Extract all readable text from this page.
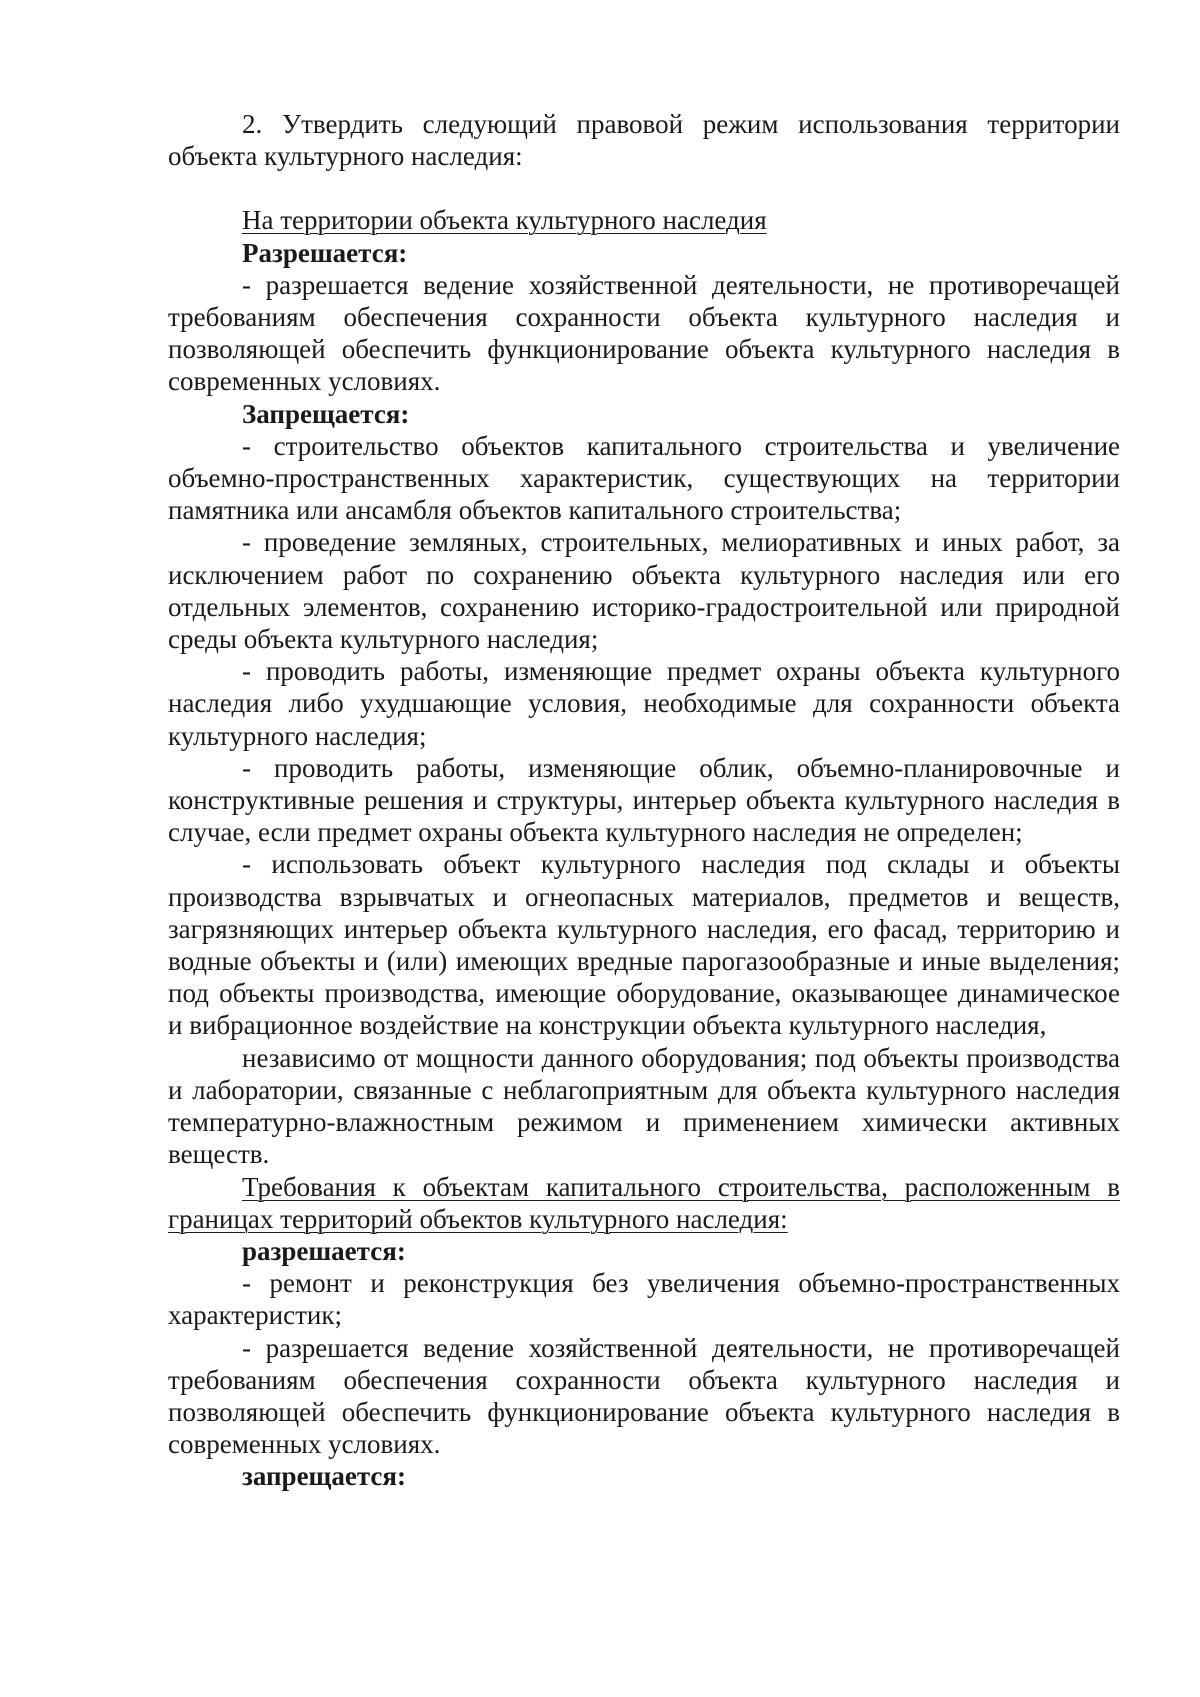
2. Утвердить следующий правовой режим использования территории объекта культурного наследия:

На территории объекта культурного наследия

Разрешается:

- разрешается ведение хозяйственной деятельности, не противоречащей требованиям обеспечения сохранности объекта культурного наследия и позволяющей обеспечить функционирование объекта культурного наследия в современных условиях.

Запрещается:

- строительство объектов капитального строительства и увеличение объемно-пространственных характеристик, существующих на территории памятника или ансамбля объектов капитального строительства;

- проведение земляных, строительных, мелиоративных и иных работ, за исключением работ по сохранению объекта культурного наследия или его отдельных элементов, сохранению историко-градостроительной или природной среды объекта культурного наследия;

- проводить работы, изменяющие предмет охраны объекта культурного наследия либо ухудшающие условия, необходимые для сохранности объекта культурного наследия;

- проводить работы, изменяющие облик, объемно-планировочные и конструктивные решения и структуры, интерьер объекта культурного наследия в случае, если предмет охраны объекта культурного наследия не определен;

- использовать объект культурного наследия под склады и объекты производства взрывчатых и огнеопасных материалов, предметов и веществ, загрязняющих интерьер объекта культурного наследия, его фасад, территорию и водные объекты и (или) имеющих вредные парогазообразные и иные выделения; под объекты производства, имеющие оборудование, оказывающее динамическое и вибрационное воздействие на конструкции объекта культурного наследия,

независимо от мощности данного оборудования; под объекты производства и лаборатории, связанные с неблагоприятным для объекта культурного наследия температурно-влажностным режимом и применением химически активных веществ.

Требования к объектам капитального строительства, расположенным в границах территорий объектов культурного наследия:

разрешается:

- ремонт и реконструкция без увеличения объемно-пространственных характеристик;

- разрешается ведение хозяйственной деятельности, не противоречащей требованиям обеспечения сохранности объекта культурного наследия и позволяющей обеспечить функционирование объекта культурного наследия в современных условиях.

запрещается:
